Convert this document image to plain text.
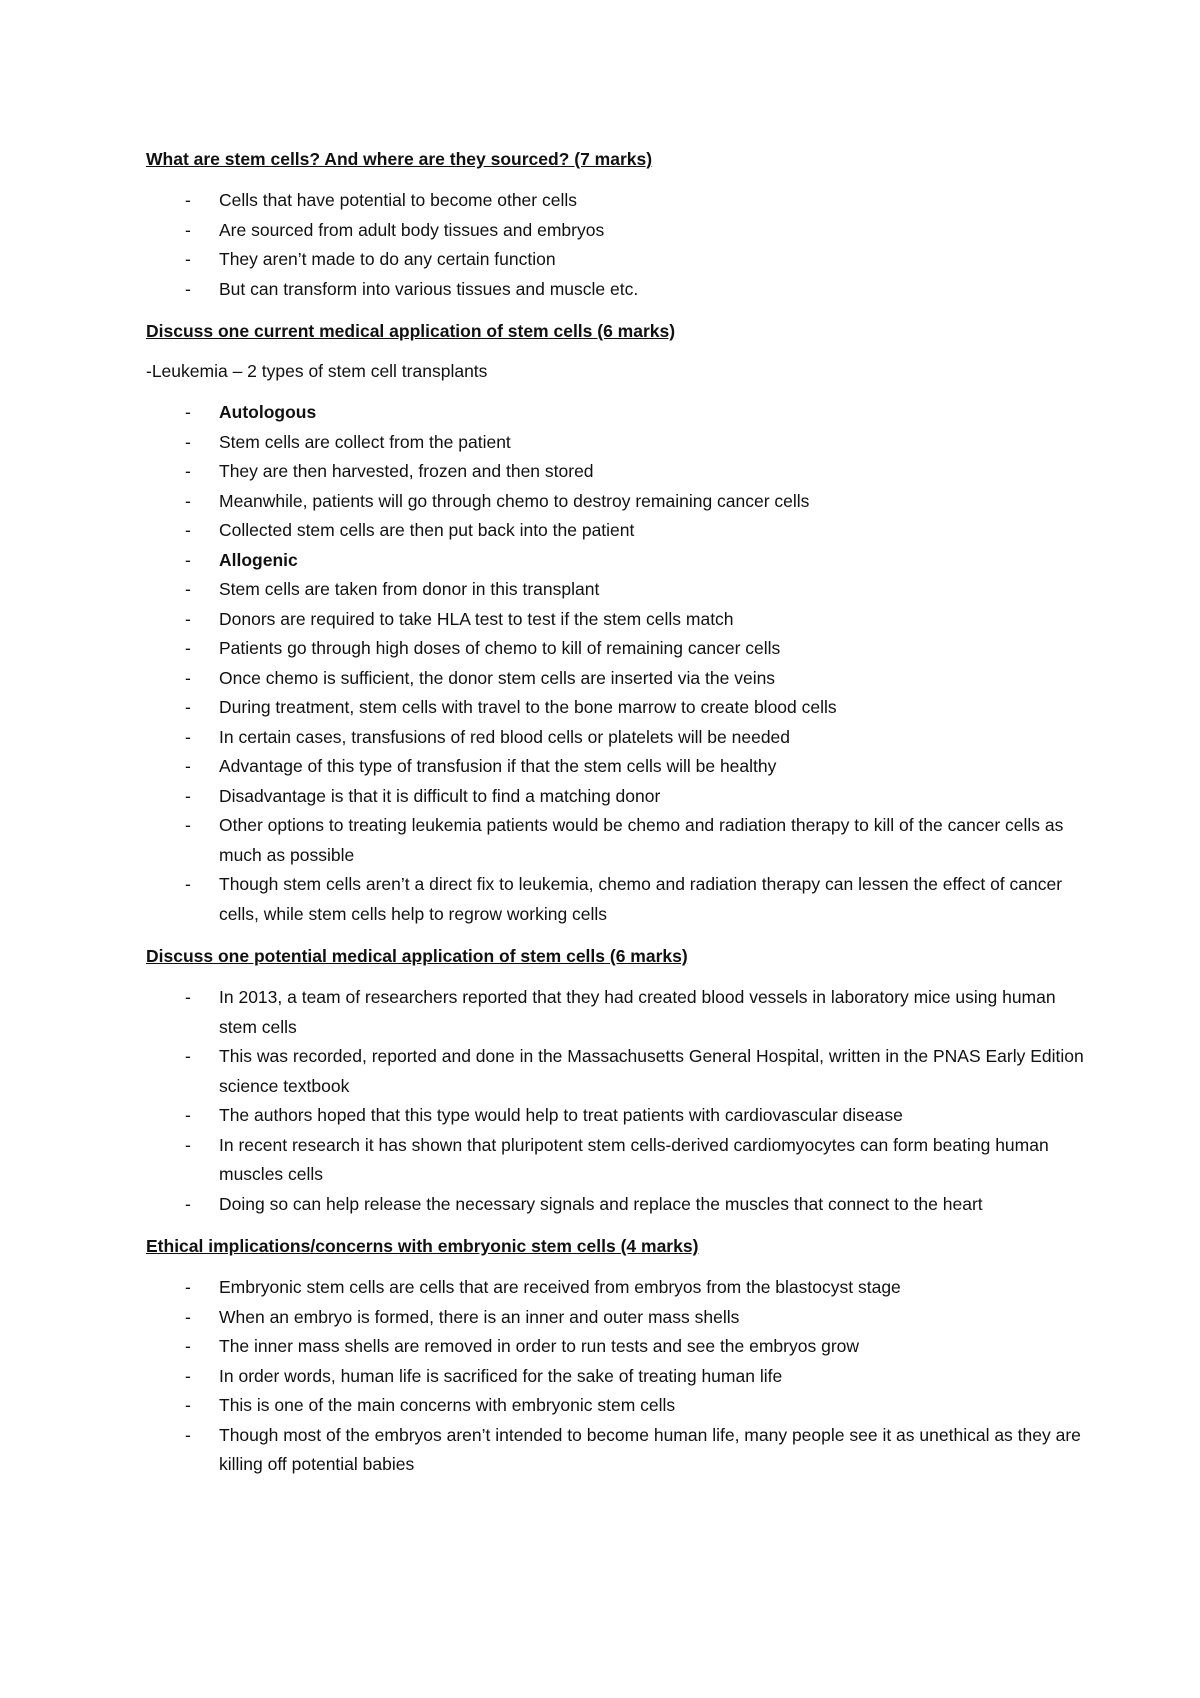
What are stem cells? And where are they sourced? (7 marks)
- Cells that have potential to become other cells
- Are sourced from adult body tissues and embryos
- They aren’t made to do any certain function
- But can transform into various tissues and muscle etc.
Discuss one current medical application of stem cells (6 marks)
-Leukemia – 2 types of stem cell transplants
- Autologous
- Stem cells are collect from the patient
- They are then harvested, frozen and then stored
- Meanwhile, patients will go through chemo to destroy remaining cancer cells
- Collected stem cells are then put back into the patient
- Allogenic
- Stem cells are taken from donor in this transplant
- Donors are required to take HLA test to test if the stem cells match
- Patients go through high doses of chemo to kill of remaining cancer cells
- Once chemo is sufficient, the donor stem cells are inserted via the veins
- During treatment, stem cells with travel to the bone marrow to create blood cells
- In certain cases, transfusions of red blood cells or platelets will be needed
- Advantage of this type of transfusion if that the stem cells will be healthy
- Disadvantage is that it is difficult to find a matching donor
- Other options to treating leukemia patients would be chemo and radiation therapy to kill of the cancer cells as much as possible
- Though stem cells aren’t a direct fix to leukemia, chemo and radiation therapy can lessen the effect of cancer cells, while stem cells help to regrow working cells
Discuss one potential medical application of stem cells (6 marks)
- In 2013, a team of researchers reported that they had created blood vessels in laboratory mice using human stem cells
- This was recorded, reported and done in the Massachusetts General Hospital, written in the PNAS Early Edition science textbook
- The authors hoped that this type would help to treat patients with cardiovascular disease
- In recent research it has shown that pluripotent stem cells-derived cardiomyocytes can form beating human muscles cells
- Doing so can help release the necessary signals and replace the muscles that connect to the heart
Ethical implications/concerns with embryonic stem cells (4 marks)
- Embryonic stem cells are cells that are received from embryos from the blastocyst stage
- When an embryo is formed, there is an inner and outer mass shells
- The inner mass shells are removed in order to run tests and see the embryos grow
- In order words, human life is sacrificed for the sake of treating human life
- This is one of the main concerns with embryonic stem cells
- Though most of the embryos aren’t intended to become human life, many people see it as unethical as they are killing off potential babies
